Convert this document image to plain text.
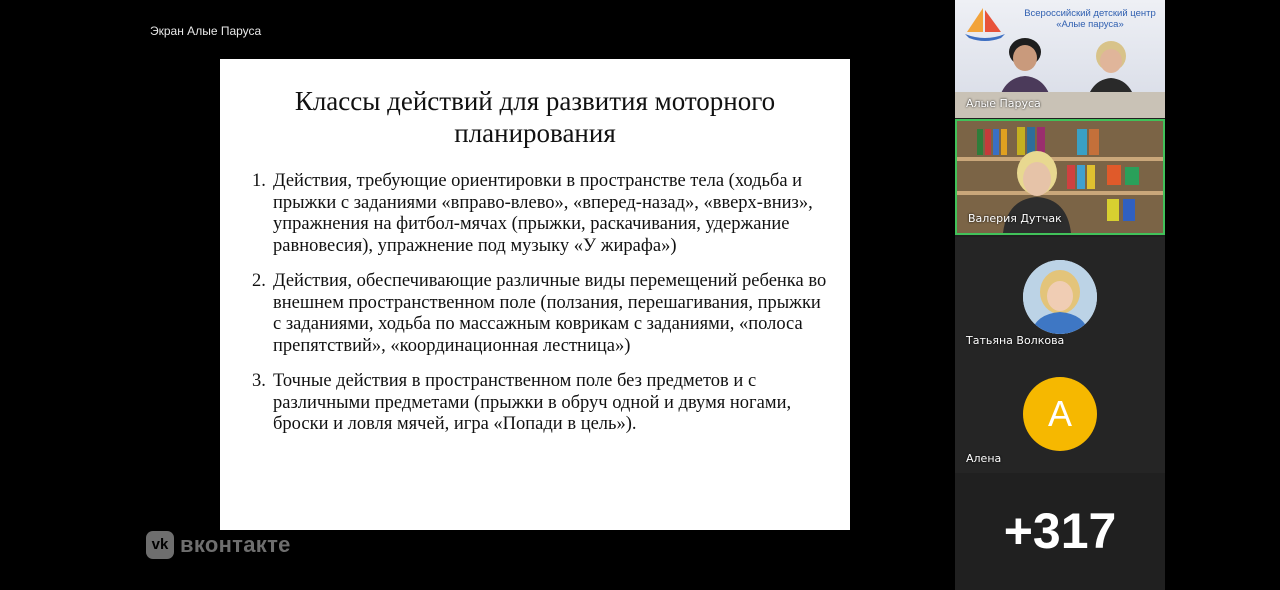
Экран Алые Паруса
Классы действий для развития моторного планирования
1. Действия, требующие ориентировки в пространстве тела (ходьба и прыжки с заданиями «вправо-влево», «вперед-назад», «вверх-вниз», упражнения на фитбол-мячах (прыжки, раскачивания, удержание равновесия), упражнение под музыку «У жирафа»)
2. Действия, обеспечивающие различные виды перемещений ребенка во внешнем пространственном поле (ползания, перешагивания, прыжки с заданиями, ходьба по массажным коврикам с заданиями, «полоса препятствий», «координационная лестница»)
3. Точные действия в пространственном поле без предметов и с различными предметами (прыжки в обруч одной и двумя ногами, броски и ловля мячей, игра «Попади в цель»).
vk вконтакте
Всероссийский детский центр
«Алые паруса»
Алые Паруса
Валерия Дутчак
Татьяна Волкова
А
Алена
+317
